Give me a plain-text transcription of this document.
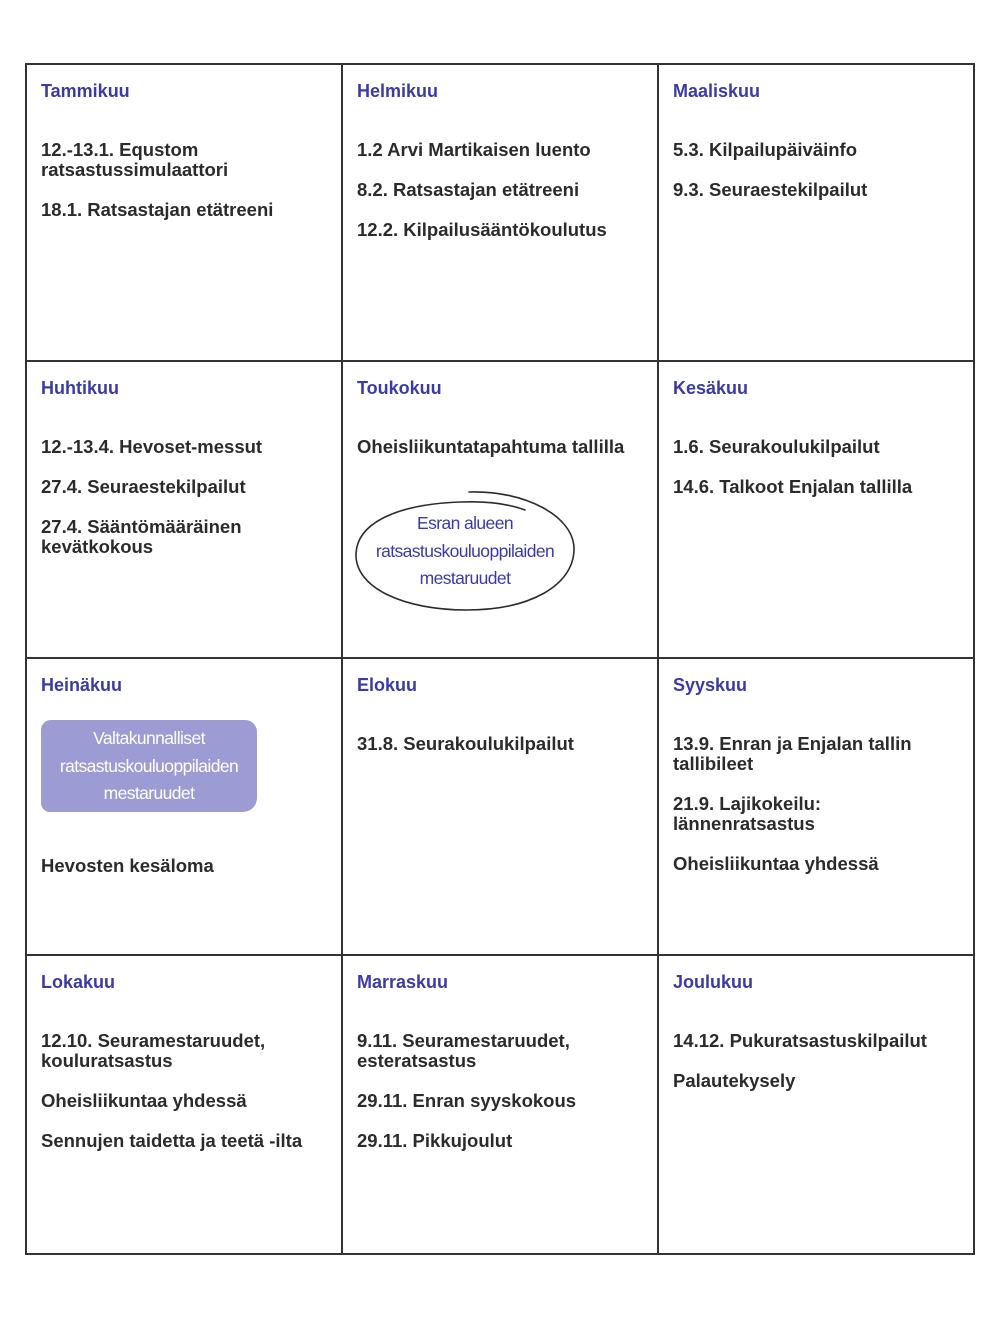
Tammikuu
12.-13.1. Equstom ratsastussimulaattori
18.1. Ratsastajan etätreeni
Helmikuu
1.2 Arvi Martikaisen luento
8.2. Ratsastajan etätreeni
12.2. Kilpailusääntökoulutus
Maaliskuu
5.3. Kilpailupäiväinfo
9.3. Seuraestekilpailut
Huhtikuu
12.-13.4. Hevoset-messut
27.4. Seuraestekilpailut
27.4. Sääntömääräinen kevätkokous
Toukokuu
Oheisliikuntatapahtuma tallilla
Esran alueen
ratsastuskouluoppilaiden
mestaruudet
Kesäkuu
1.6. Seurakoulukilpailut
14.6. Talkoot Enjalan tallilla
Heinäkuu
Valtakunnalliset
ratsastuskouluoppilaiden
mestaruudet

Hevosten kesäloma

Elokuu
31.8. Seurakoulukilpailut
Syyskuu
13.9. Enran ja Enjalan tallin tallibileet
21.9. Lajikokeilu: lännenratsastus
Oheisliikuntaa yhdessä
Lokakuu
12.10. Seuramestaruudet, kouluratsastus
Oheisliikuntaa yhdessä
Sennujen taidetta ja teetä -ilta
Marraskuu
9.11. Seuramestaruudet, esteratsastus
29.11. Enran syyskokous
29.11. Pikkujoulut
Joulukuu
14.12. Pukuratsastuskilpailut
Palautekysely
